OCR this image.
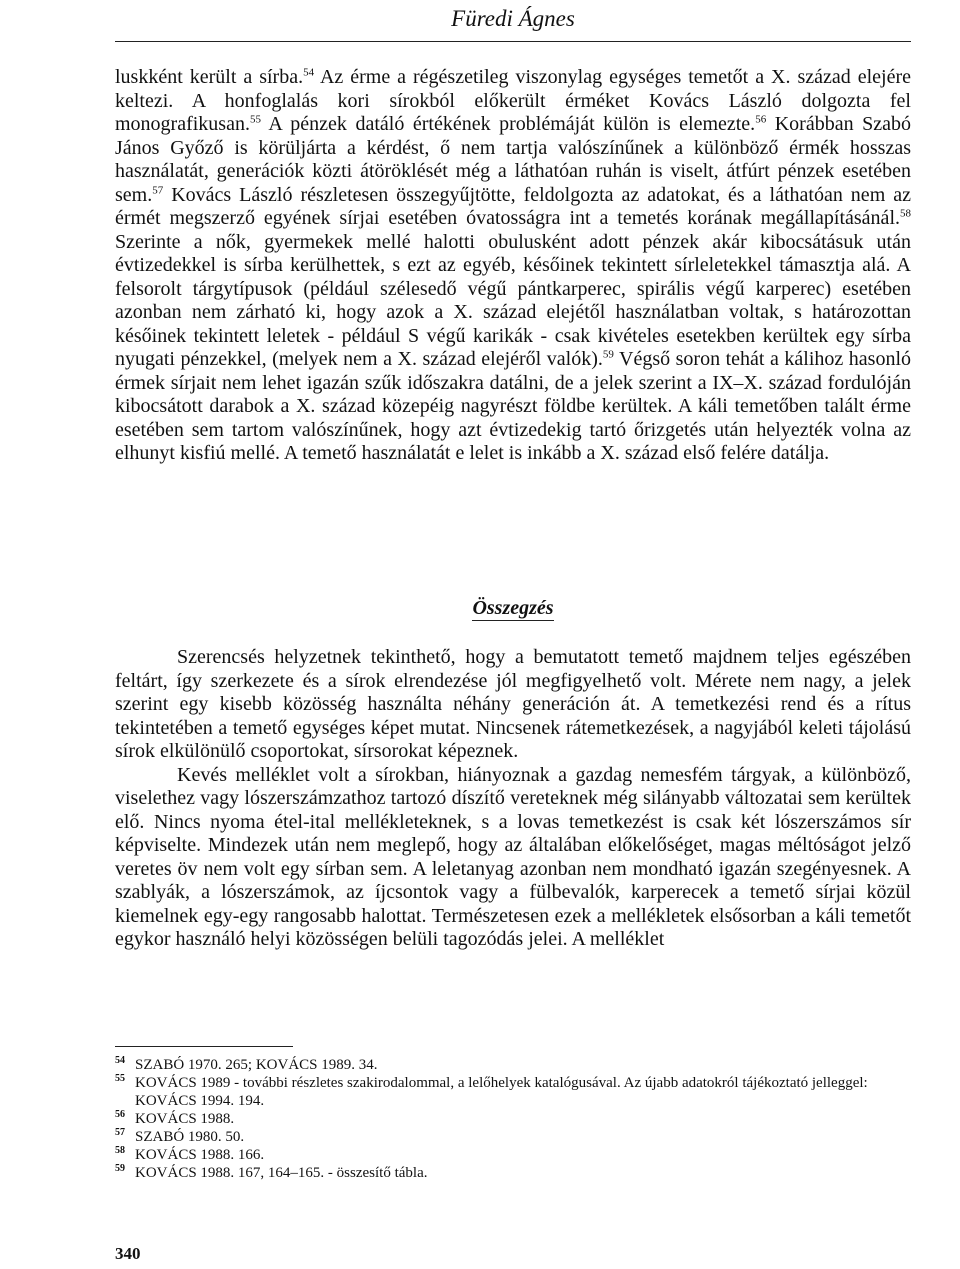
Füredi Ágnes

luskként került a sírba.$^{54}$ Az érme a régészetileg viszonylag egységes temetőt a X. század elejére keltezi. A honfoglalás kori sírokból előkerült érméket Kovács László dolgozta fel monografikusan.$^{55}$ A pénzek datáló értékének problémáját külön is elemezte.$^{56}$ Korábban Szabó János Győző is körüljárta a kérdést, ő nem tartja valószínűnek a különböző érmék hosszas használatát, generációk közti átöröklését még a láthatóan ruhán is viselt, átfúrt pénzek esetében sem.$^{57}$ Kovács László részletesen összegyűjtötte, feldolgozta az adatokat, és a láthatóan nem az érmét megszerző egyének sírjai esetében óvatosságra int a temetés korának megállapításánál.$^{58}$ Szerinte a nők, gyermekek mellé halotti obulusként adott pénzek akár kibocsátásuk után évtizedekkel is sírba kerülhettek, s ezt az egyéb, későinek tekintett sírleletekkel támasztja alá. A felsorolt tárgytípusok (például szélesedő végű pántkarperec, spirális végű karperec) esetében azonban nem zárható ki, hogy azok a X. század elejétől használatban voltak, s határozottan későinek tekintett leletek - például S végű karikák - csak kivételes esetekben kerültek egy sírba nyugati pénzekkel, (melyek nem a X. század elejéről valók).$^{59}$ Végső soron tehát a kálihoz hasonló érmek sírjait nem lehet igazán szűk időszakra datálni, de a jelek szerint a IX–X. század fordulóján kibocsátott darabok a X. század közepéig nagyrészt földbe kerültek. A káli temetőben talált érme esetében sem tartom valószínűnek, hogy azt évtizedekig tartó őrizgetés után helyezték volna az elhunyt kisfiú mellé. A temető használatát e lelet is inkább a X. század első felére datálja.

Összegzés

Szerencsés helyzetnek tekinthető, hogy a bemutatott temető majdnem teljes egészében feltárt, így szerkezete és a sírok elrendezése jól megfigyelhető volt. Mérete nem nagy, a jelek szerint egy kisebb közösség használta néhány generáción át. A temetkezési rend és a rítus tekintetében a temető egységes képet mutat. Nincsenek rátemetkezések, a nagyjából keleti tájolású sírok elkülönülő csoportokat, sírsorokat képeznek.

Kevés melléklet volt a sírokban, hiányoznak a gazdag nemesfém tárgyak, a különböző, viselethez vagy lószerszámzathoz tartozó díszítő vereteknek még silányabb változatai sem kerültek elő. Nincs nyoma étel-ital mellékleteknek, s a lovas temetkezést is csak két lószerszámos sír képviselte. Mindezek után nem meglepő, hogy az általában előkelőséget, magas méltóságot jelző veretes öv nem volt egy sírban sem. A leletanyag azonban nem mondható igazán szegényesnek. A szablyák, a lószerszámok, az íjcsontok vagy a fülbevalók, karperecek a temető sírjai közül kiemelnek egy-egy rangosabb halottat. Természetesen ezek a mellékletek elsősorban a káli temetőt egykor használó helyi közösségen belüli tagozódás jelei. A melléklet

54 SZABÓ 1970. 265; KOVÁCS 1989. 34.
55 KOVÁCS 1989 - további részletes szakirodalommal, a lelőhelyek katalógusával. Az újabb adatokról tájékoztató jelleggel: KOVÁCS 1994. 194.
56 KOVÁCS 1988.
57 SZABÓ 1980. 50.
58 KOVÁCS 1988. 166.
59 KOVÁCS 1988. 167, 164–165. - összesítő tábla.
340
